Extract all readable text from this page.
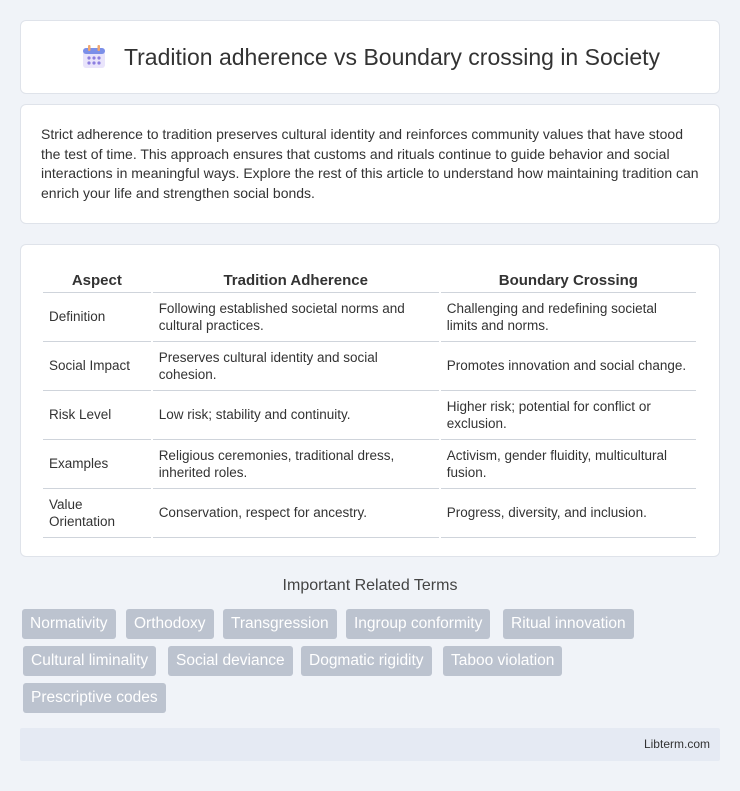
Tradition adherence vs Boundary crossing in Society

Strict adherence to tradition preserves cultural identity and reinforces community values that have stood the test of time. This approach ensures that customs and rituals continue to guide behavior and social interactions in meaningful ways. Explore the rest of this article to understand how maintaining tradition can enrich your life and strengthen social bonds.

Aspect	Tradition Adherence	Boundary Crossing
Definition	Following established societal norms and cultural practices.	Challenging and redefining societal limits and norms.
Social Impact	Preserves cultural identity and social cohesion.	Promotes innovation and social change.
Risk Level	Low risk; stability and continuity.	Higher risk; potential for conflict or exclusion.
Examples	Religious ceremonies, traditional dress, inherited roles.	Activism, gender fluidity, multicultural fusion.
Value Orientation	Conservation, respect for ancestry.	Progress, diversity, and inclusion.
Important Related Terms
Normativity	Orthodoxy	Transgression	Ingroup conformity	Ritual innovation
Cultural liminality	Social deviance	Dogmatic rigidity	Taboo violation
Prescriptive codes
Libterm.com
